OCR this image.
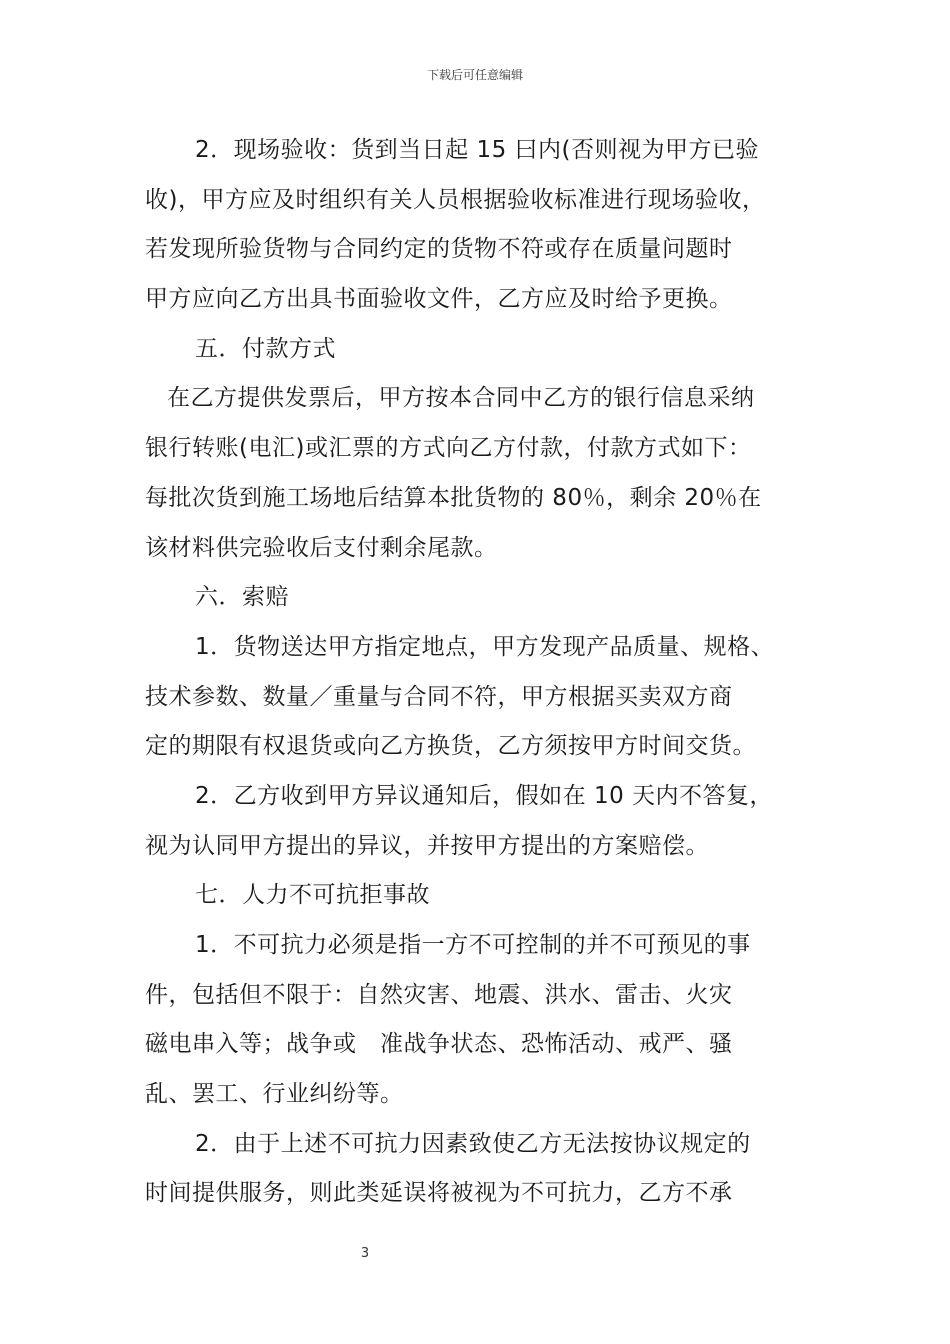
下载后可任意编辑
2．现场验收：货到当日起 15 曰内(否则视为甲方已验
收)，甲方应及时组织有关人员根据验收标准进行现场验收，
若发现所验货物与合同约定的货物不符或存在质量问题时
甲方应向乙方出具书面验收文件，乙方应及时给予更换。
五．付款方式
在乙方提供发票后，甲方按本合同中乙方的银行信息采纳
银行转账(电汇)或汇票的方式向乙方付款，付款方式如下：
每批次货到施工场地后结算本批货物的 80％，剩余 20％在
该材料供完验收后支付剩余尾款。
六．索赔
1．货物送达甲方指定地点，甲方发现产品质量、规格、
技术参数、数量／重量与合同不符，甲方根据买卖双方商
定的期限有权退货或向乙方换货，乙方须按甲方时间交货。
2．乙方收到甲方异议通知后，假如在 10 天内不答复，
视为认同甲方提出的异议，并按甲方提出的方案赔偿。
七．人力不可抗拒事故
1．不可抗力必须是指一方不可控制的并不可预见的事
件，包括但不限于：自然灾害、地震、洪水、雷击、火灾
磁电串入等；战争或　准战争状态、恐怖活动、戒严、骚
乱、罢工、行业纠纷等。
2．由于上述不可抗力因素致使乙方无法按协议规定的
时间提供服务，则此类延误将被视为不可抗力，乙方不承
3
